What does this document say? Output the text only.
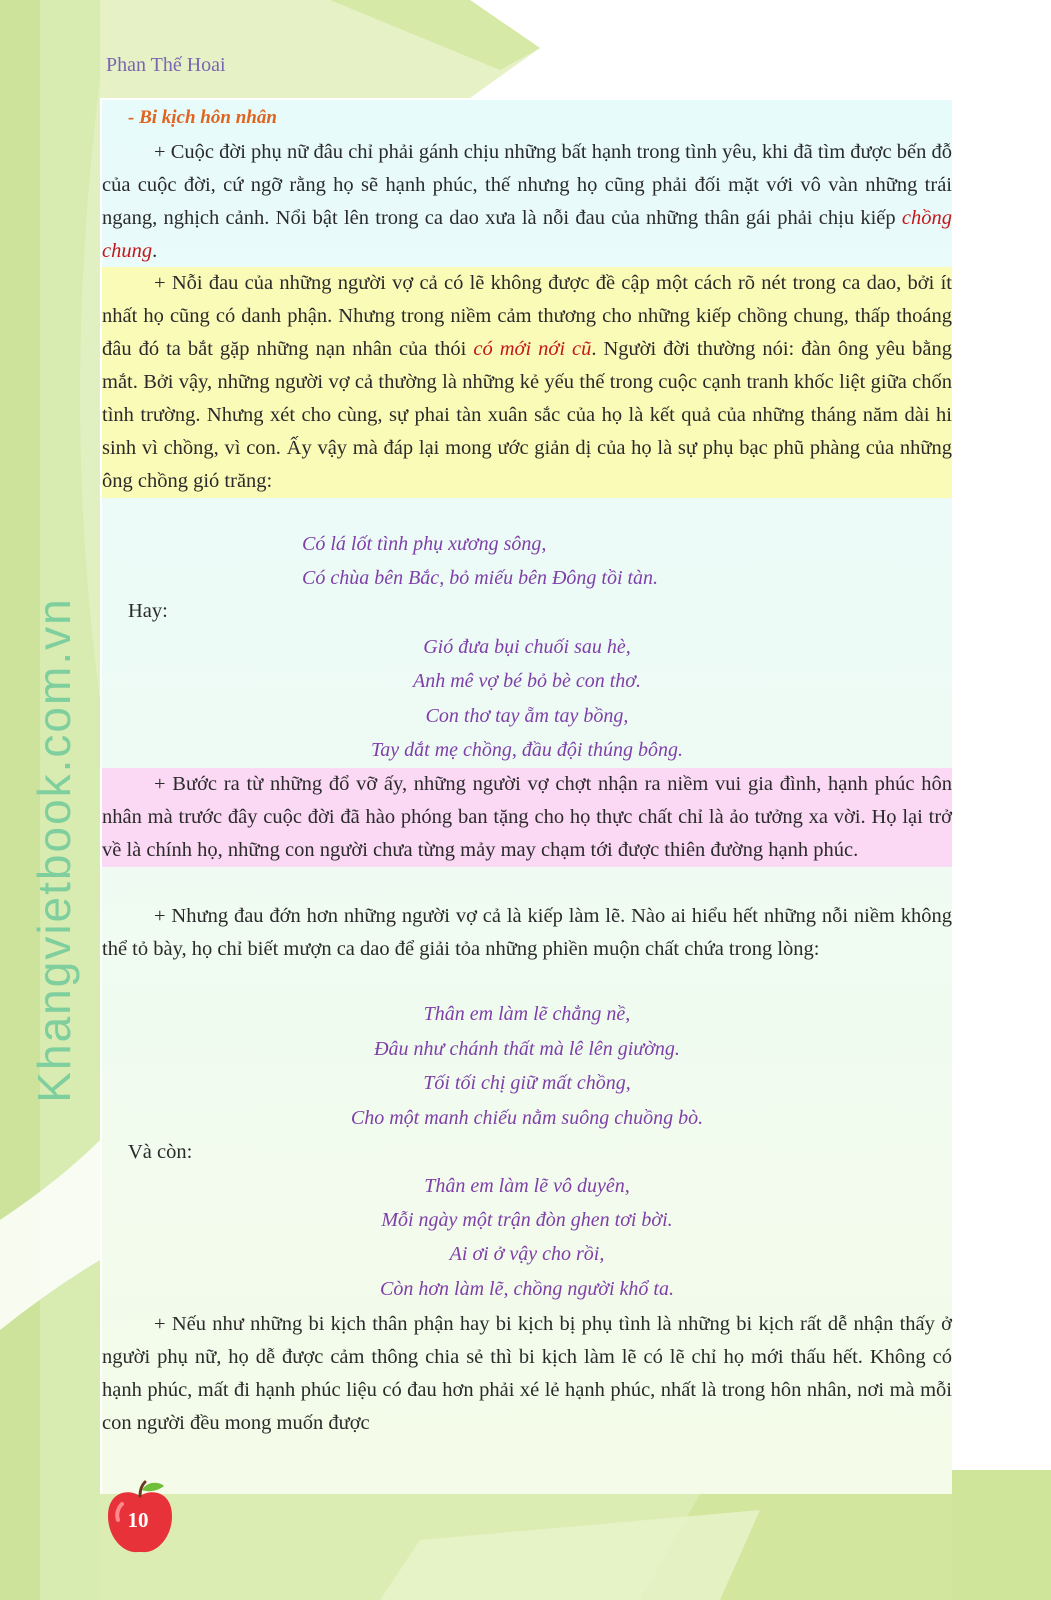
Phan Thế Hoai
Khangvietbook.com.vn
- Bi kịch hôn nhân
+ Cuộc đời phụ nữ đâu chỉ phải gánh chịu những bất hạnh trong tình yêu, khi đã tìm được bến đỗ của cuộc đời, cứ ngỡ rằng họ sẽ hạnh phúc, thế nhưng họ cũng phải đối mặt với vô vàn những trái ngang, nghịch cảnh. Nổi bật lên trong ca dao xưa là nỗi đau của những thân gái phải chịu kiếp chồng chung.
+ Nỗi đau của những người vợ cả có lẽ không được đề cập một cách rõ nét trong ca dao, bởi ít nhất họ cũng có danh phận. Nhưng trong niềm cảm thương cho những kiếp chồng chung, thấp thoáng đâu đó ta bắt gặp những nạn nhân của thói có mới nới cũ. Người đời thường nói: đàn ông yêu bằng mắt. Bởi vậy, những người vợ cả thường là những kẻ yếu thế trong cuộc cạnh tranh khốc liệt giữa chốn tình trường. Nhưng xét cho cùng, sự phai tàn xuân sắc của họ là kết quả của những tháng năm dài hi sinh vì chồng, vì con. Ấy vậy mà đáp lại mong ước giản dị của họ là sự phụ bạc phũ phàng của những ông chồng gió trăng:
Có lá lốt tình phụ xương sông,
Có chùa bên Bắc, bỏ miếu bên Đông tồi tàn.
Hay:
Gió đưa bụi chuối sau hè,
Anh mê vợ bé bỏ bè con thơ.
Con thơ tay ẵm tay bồng,
Tay dắt mẹ chồng, đầu đội thúng bông.
+ Bước ra từ những đổ vỡ ấy, những người vợ chợt nhận ra niềm vui gia đình, hạnh phúc hôn nhân mà trước đây cuộc đời đã hào phóng ban tặng cho họ thực chất chỉ là ảo tưởng xa vời. Họ lại trở về là chính họ, những con người chưa từng mảy may chạm tới được thiên đường hạnh phúc.
+ Nhưng đau đớn hơn những người vợ cả là kiếp làm lẽ. Nào ai hiểu hết những nỗi niềm không thể tỏ bày, họ chỉ biết mượn ca dao để giải tỏa những phiền muộn chất chứa trong lòng:
Thân em làm lẽ chẳng nề,
Đâu như chánh thất mà lê lên giường.
Tối tối chị giữ mất chồng,
Cho một manh chiếu nằm suông chuồng bò.
Và còn:
Thân em làm lẽ vô duyên,
Mỗi ngày một trận đòn ghen tơi bời.
Ai ơi ở vậy cho rồi,
Còn hơn làm lẽ, chồng người khổ ta.
+ Nếu như những bi kịch thân phận hay bi kịch bị phụ tình là những bi kịch rất dễ nhận thấy ở người phụ nữ, họ dễ được cảm thông chia sẻ thì bi kịch làm lẽ có lẽ chỉ họ mới thấu hết. Không có hạnh phúc, mất đi hạnh phúc liệu có đau hơn phải xé lẻ hạnh phúc, nhất là trong hôn nhân, nơi mà mỗi con người đều mong muốn được
10
